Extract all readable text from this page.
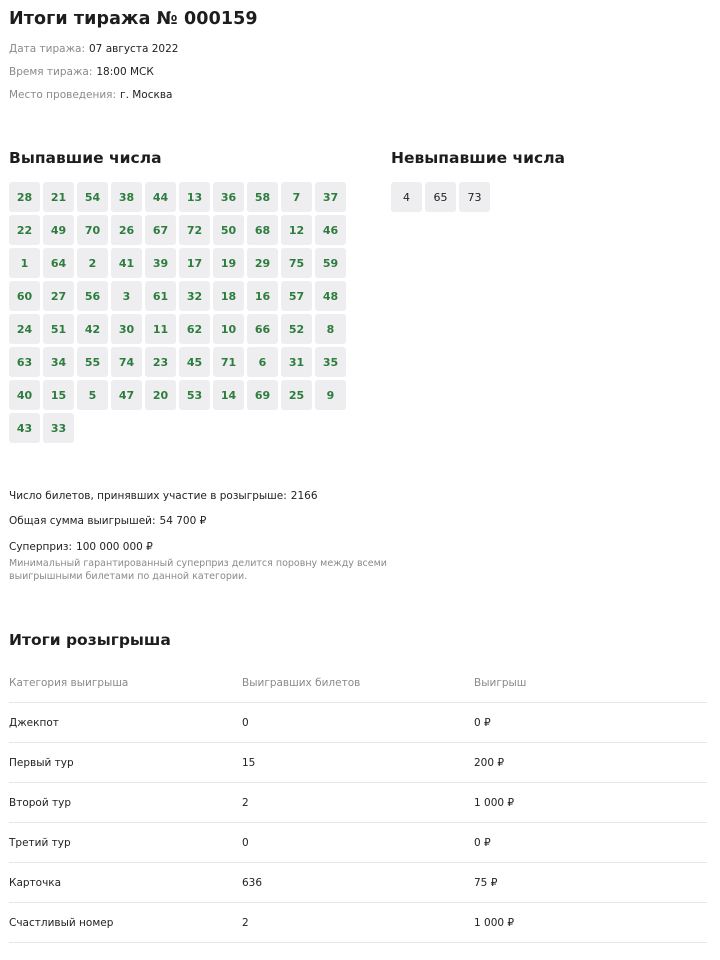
Итоги тиража № 000159
Дата тиража: 07 августа 2022
Время тиража: 18:00 МСК
Место проведения: г. Москва
Выпавшие числа
28	21	54	38	44	13	36	58	7	37
22	49	70	26	67	72	50	68	12	46
1	64	2	41	39	17	19	29	75	59
60	27	56	3	61	32	18	16	57	48
24	51	42	30	11	62	10	66	52	8
63	34	55	74	23	45	71	6	31	35
40	15	5	47	20	53	14	69	25	9
43	33
Невыпавшие числа
4	65	73
Число билетов, принявших участие в розыгрыше: 2166
Общая сумма выигрышей: 54 700 ₽
Суперприз: 100 000 000 ₽
Минимальный гарантированный суперприз делится поровну между всеми выигрышными билетами по данной категории.
Итоги розыгрыша
Категория выигрыша	Выигравших билетов	Выигрыш
Джекпот	0	0 ₽
Первый тур	15	200 ₽
Второй тур	2	1 000 ₽
Третий тур	0	0 ₽
Карточка	636	75 ₽
Счастливый номер	2	1 000 ₽
